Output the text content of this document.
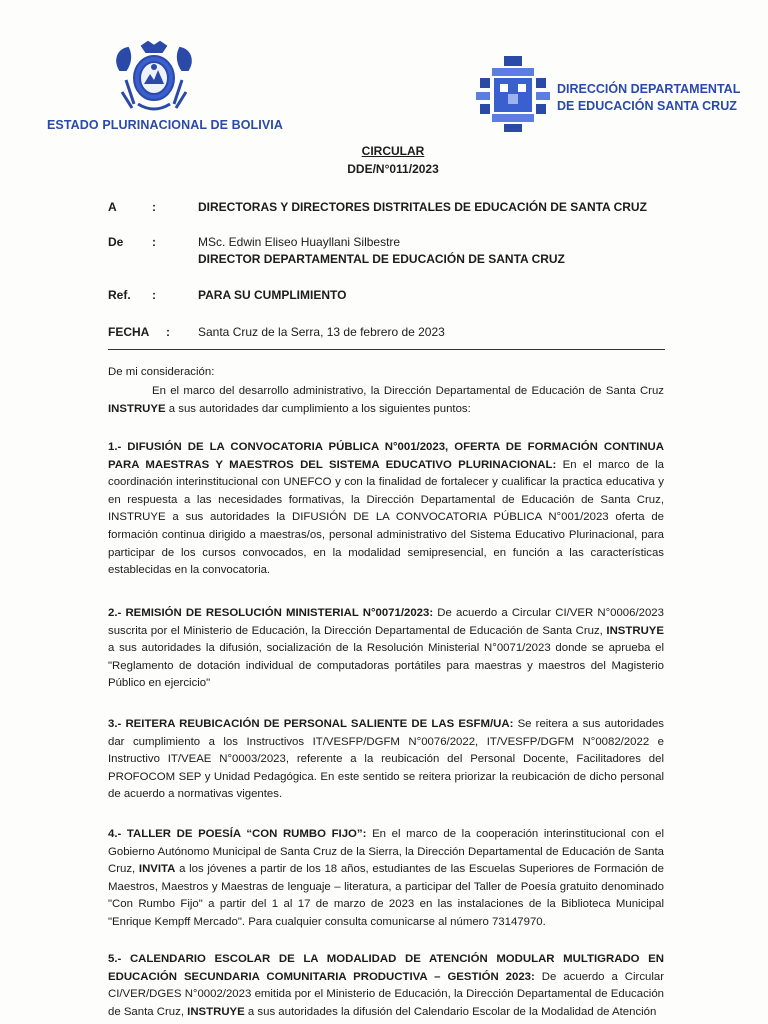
ESTADO PLURINACIONAL DE BOLIVIA
DIRECCIÓN DEPARTAMENTAL
DE EDUCACIÓN SANTA CRUZ
CIRCULAR
DDE/N°011/2023
A	:	DIRECTORAS Y DIRECTORES DISTRITALES DE EDUCACIÓN DE SANTA CRUZ
De :	MSc. Edwin Eliseo Huayllani Silbestre
DIRECTOR DEPARTAMENTAL DE EDUCACIÓN DE SANTA CRUZ
Ref. :	PARA SU CUMPLIMIENTO
FECHA : Santa Cruz de la Serra, 13 de febrero de 2023
De mi consideración:
En el marco del desarrollo administrativo, la Dirección Departamental de Educación de Santa Cruz INSTRUYE a sus autoridades dar cumplimiento a los siguientes puntos:
1.- DIFUSIÓN DE LA CONVOCATORIA PÚBLICA N°001/2023, OFERTA DE FORMACIÓN CONTINUA PARA MAESTRAS Y MAESTROS DEL SISTEMA EDUCATIVO PLURINACIONAL: En el marco de la coordinación interinstitucional con UNEFCO y con la finalidad de fortalecer y cualificar la practica educativa y en respuesta a las necesidades formativas, la Dirección Departamental de Educación de Santa Cruz, INSTRUYE a sus autoridades la DIFUSIÓN DE LA CONVOCATORIA PÚBLICA N°001/2023 oferta de formación continua dirigido a maestras/os, personal administrativo del Sistema Educativo Plurinacional, para participar de los cursos convocados, en la modalidad semipresencial, en función a las características establecidas en la convocatoria.
2.- REMISIÓN DE RESOLUCIÓN MINISTERIAL N°0071/2023: De acuerdo a Circular CI/VER N°0006/2023 suscrita por el Ministerio de Educación, la Dirección Departamental de Educación de Santa Cruz, INSTRUYE a sus autoridades la difusión, socialización de la Resolución Ministerial N°0071/2023 donde se aprueba el "Reglamento de dotación individual de computadoras portátiles para maestras y maestros del Magisterio Público en ejercicio"
3.- REITERA REUBICACIÓN DE PERSONAL SALIENTE DE LAS ESFM/UA: Se reitera a sus autoridades dar cumplimiento a los Instructivos IT/VESFP/DGFM N°0076/2022, IT/VESFP/DGFM N°0082/2022 e Instructivo IT/VEAE N°0003/2023, referente a la reubicación del Personal Docente, Facilitadores del PROFOCOM SEP y Unidad Pedagógica. En este sentido se reitera priorizar la reubicación de dicho personal de acuerdo a normativas vigentes.
4.- TALLER DE POESÍA “CON RUMBO FIJO”: En el marco de la cooperación interinstitucional con el Gobierno Autónomo Municipal de Santa Cruz de la Sierra, la Dirección Departamental de Educación de Santa Cruz, INVITA a los jóvenes a partir de los 18 años, estudiantes de las Escuelas Superiores de Formación de Maestros, Maestros y Maestras de lenguaje – literatura, a participar del Taller de Poesía gratuito denominado "Con Rumbo Fijo" a partir del 1 al 17 de marzo de 2023 en las instalaciones de la Biblioteca Municipal "Enrique Kempff Mercado". Para cualquier consulta comunicarse al número 73147970.
5.- CALENDARIO ESCOLAR DE LA MODALIDAD DE ATENCIÓN MODULAR MULTIGRADO EN EDUCACIÓN SECUNDARIA COMUNITARIA PRODUCTIVA – GESTIÓN 2023: De acuerdo a Circular CI/VER/DGES N°0002/2023 emitida por el Ministerio de Educación, la Dirección Departamental de Educación de Santa Cruz, INSTRUYE a sus autoridades la difusión del Calendario Escolar de la Modalidad de Atención
